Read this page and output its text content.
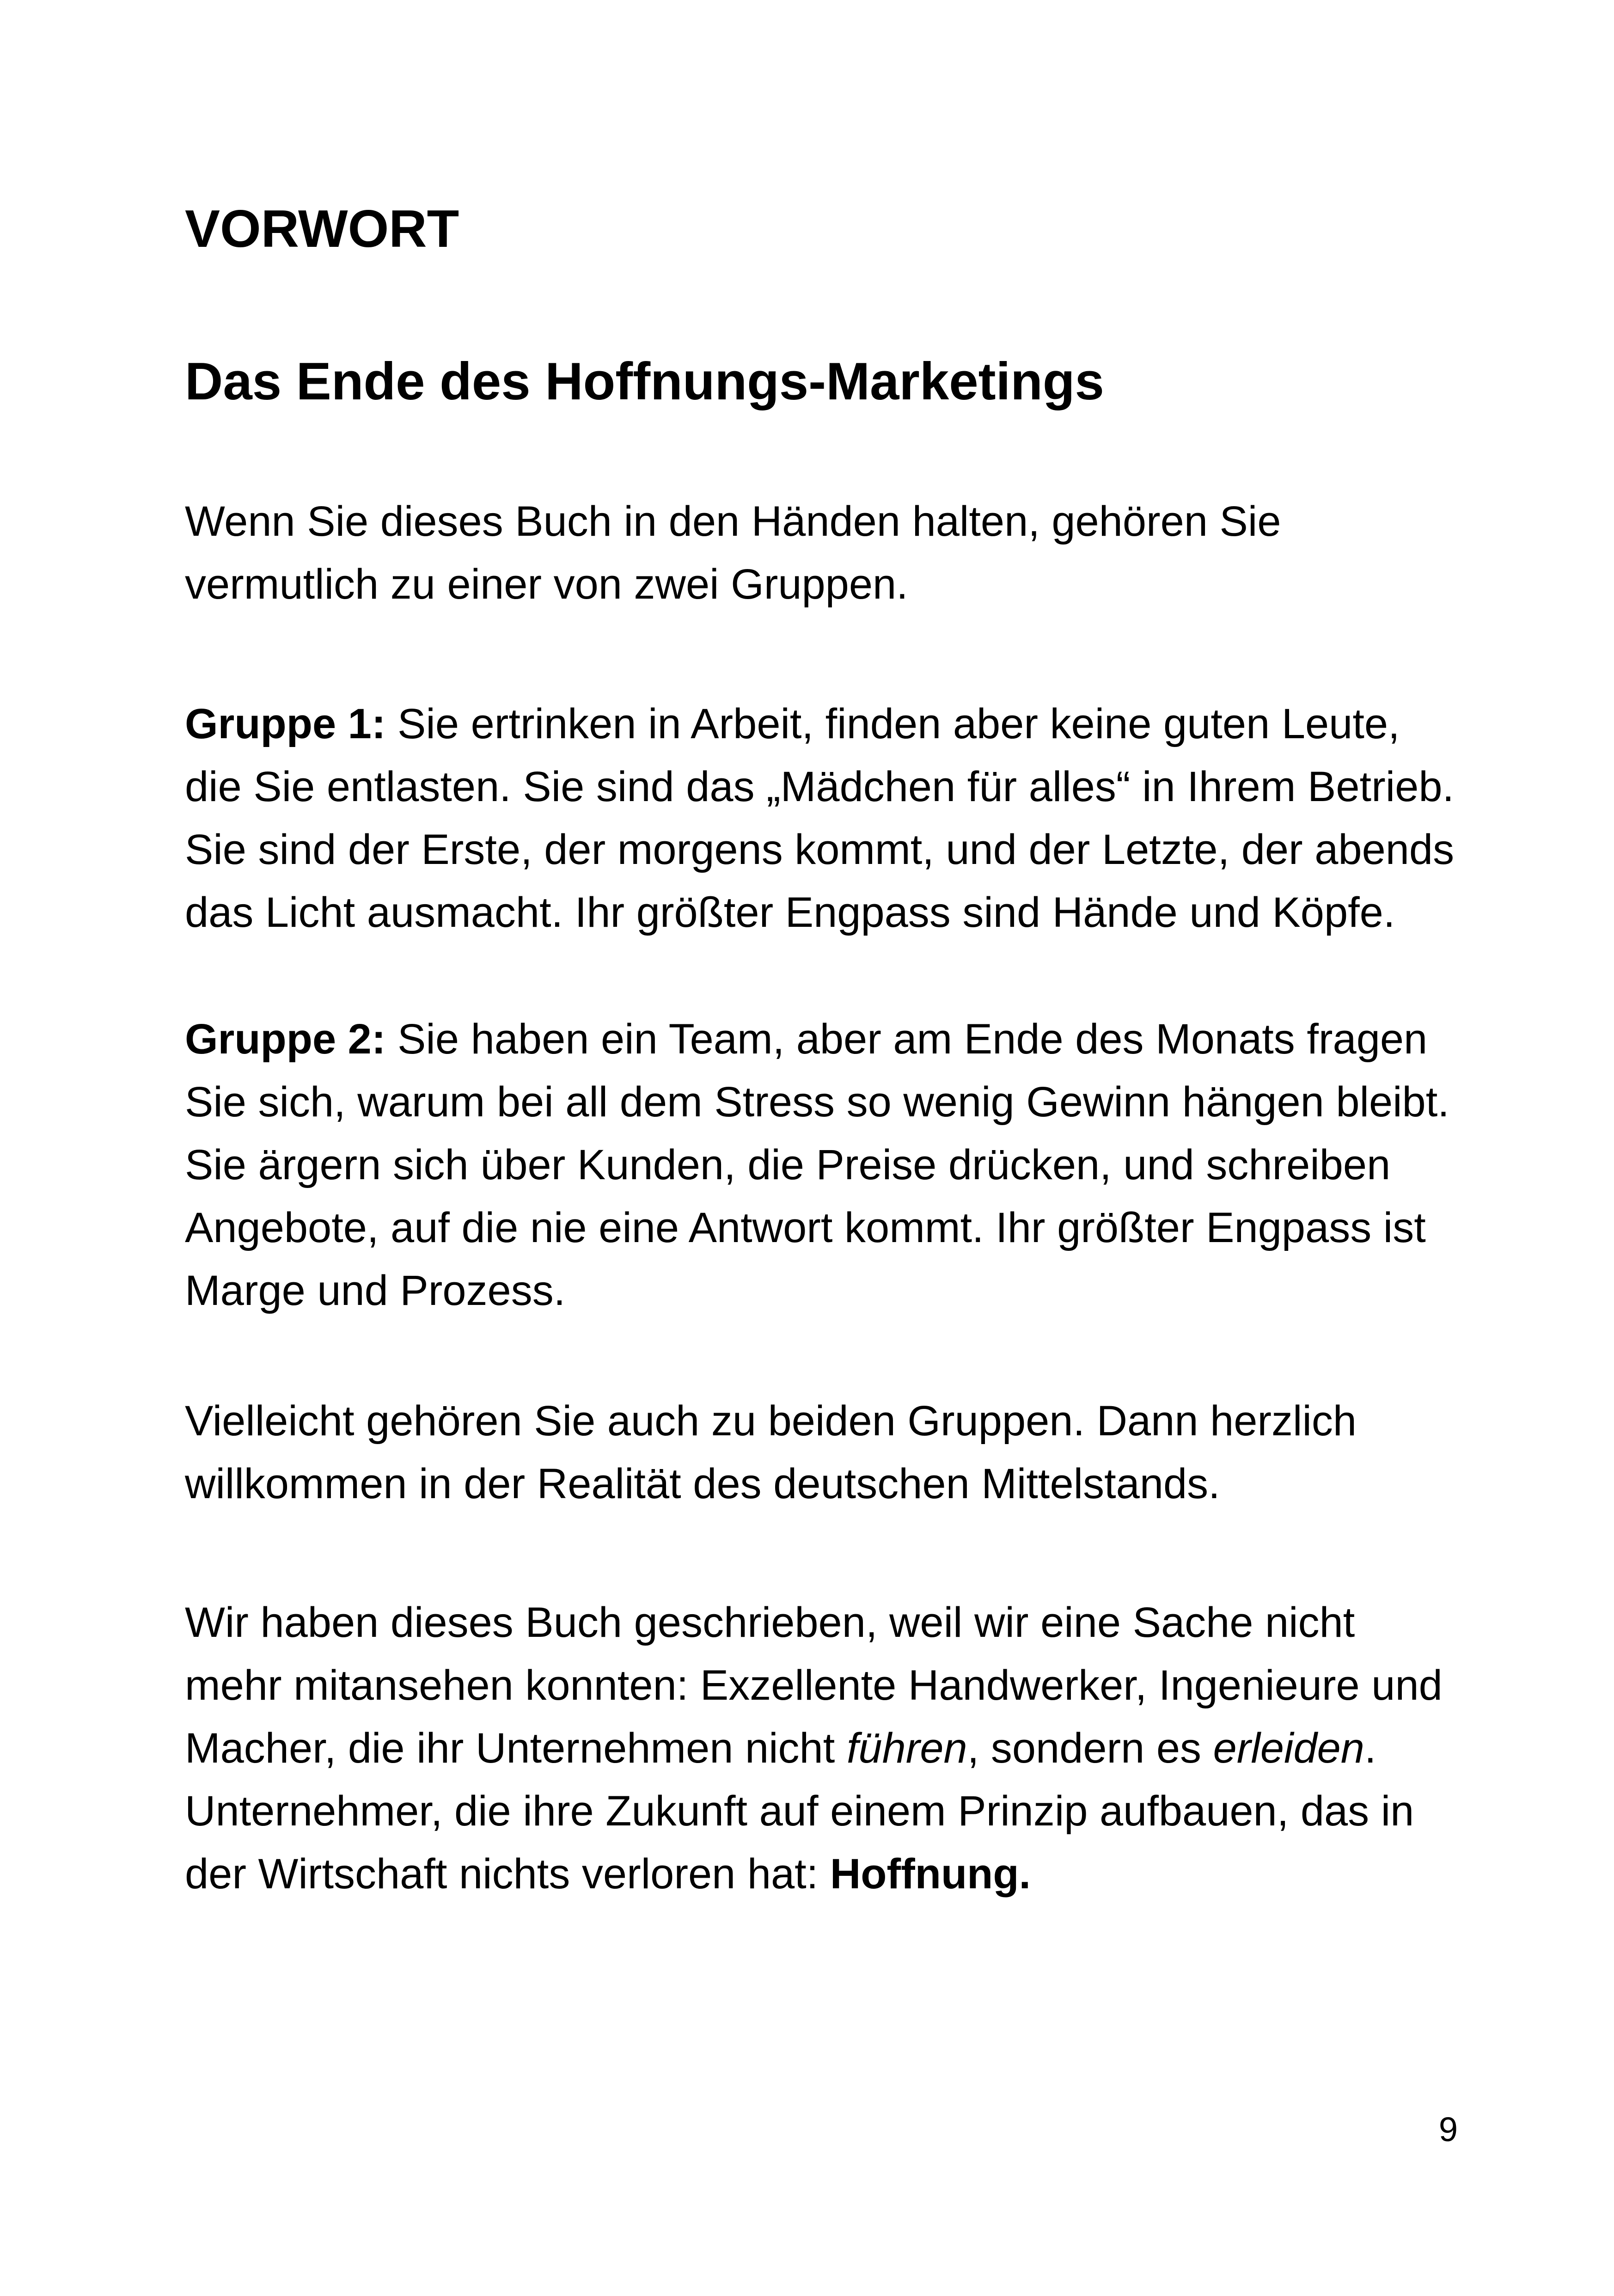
VORWORT
Das Ende des Hoffnungs-Marketings

Wenn Sie dieses Buch in den Händen halten, gehören Sie
vermutlich zu einer von zwei Gruppen.

Gruppe 1: Sie ertrinken in Arbeit, finden aber keine guten Leute,
die Sie entlasten. Sie sind das „Mädchen für alles“ in Ihrem Betrieb.
Sie sind der Erste, der morgens kommt, und der Letzte, der abends
das Licht ausmacht. Ihr größter Engpass sind Hände und Köpfe.

Gruppe 2: Sie haben ein Team, aber am Ende des Monats fragen
Sie sich, warum bei all dem Stress so wenig Gewinn hängen bleibt.
Sie ärgern sich über Kunden, die Preise drücken, und schreiben
Angebote, auf die nie eine Antwort kommt. Ihr größter Engpass ist
Marge und Prozess.

Vielleicht gehören Sie auch zu beiden Gruppen. Dann herzlich
willkommen in der Realität des deutschen Mittelstands.

Wir haben dieses Buch geschrieben, weil wir eine Sache nicht
mehr mitansehen konnten: Exzellente Handwerker, Ingenieure und
Macher, die ihr Unternehmen nicht führen, sondern es erleiden.
Unternehmer, die ihre Zukunft auf einem Prinzip aufbauen, das in
der Wirtschaft nichts verloren hat: Hoffnung.

9
